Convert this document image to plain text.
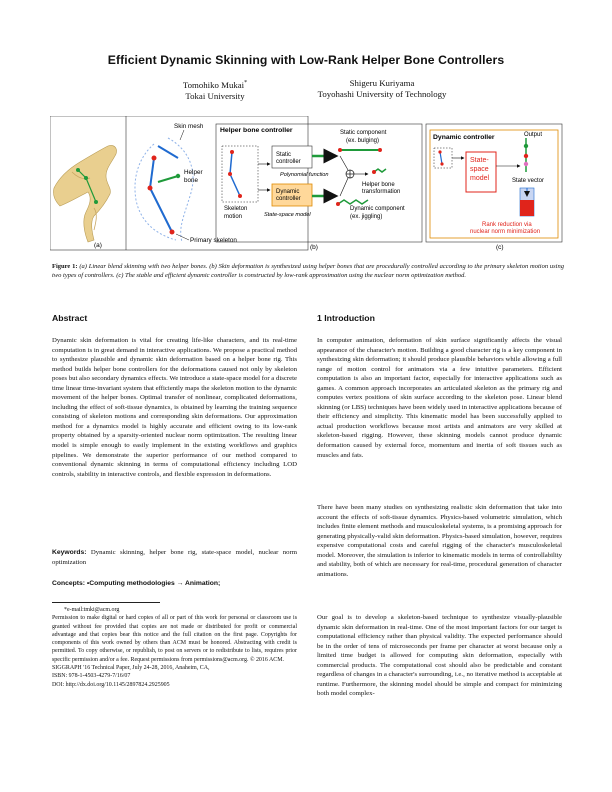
Efficient Dynamic Skinning with Low-Rank Helper Bone Controllers
Tomohiko Mukai*
Tokai University
Shigeru Kuriyama
Toyohashi University of Technology
(a)
Skin mesh
Helper bone
Primary skeleton
Helper bone controller
Skeleton motion
Static controller
Polynomial function
Dynamic controller
State-space model
Static component
(ex. bulging)
Helper bone transformation
Dynamic component
(ex. jiggling)
(b)
Dynamic controller	Output
State-space model	State vector
Rank reduction via nuclear norm minimization
(c)
Figure 1: (a) Linear blend skinning with two helper bones. (b) Skin deformation is synthesized using helper bones that are procedurally controlled according to the primary skeleton motion using two types of controllers. (c) The stable and efficient dynamic controller is constructed by low-rank approximation using the nuclear norm optimization method.
Abstract
Dynamic skin deformation is vital for creating life-like characters, and its real-time computation is in great demand in interactive applications. We propose a practical method to synthesize plausible and dynamic skin deformation based on a helper bone rig. This method builds helper bone controllers for the deformations caused not only by skeleton poses but also secondary dynamics effects. We introduce a state-space model for a discrete time linear time-invariant system that efficiently maps the skeleton motion to the dynamic movement of the helper bones. Optimal transfer of nonlinear, complicated deformations, including the effect of soft-tissue dynamics, is obtained by learning the training sequence consisting of skeleton motions and corresponding skin deformations. Our approximation method for a dynamics model is highly accurate and efficient owing to its low-rank property obtained by a sparsity-oriented nuclear norm optimization. The resulting linear model is simple enough to easily implement in the existing workflows and graphics pipelines. We demonstrate the superior performance of our method compared to conventional dynamic skinning in terms of computational efficiency including LOD controls, stability in interactive controls, and flexible expression in deformations.
Keywords: Dynamic skinning, helper bone rig, state-space model, nuclear norm optimization
Concepts: •Computing methodologies → Animation;
*e-mail:tmki@acm.org
Permission to make digital or hard copies of all or part of this work for personal or classroom use is granted without fee provided that copies are not made or distributed for profit or commercial advantage and that copies bear this notice and the full citation on the first page. Copyrights for components of this work owned by others than ACM must be honored. Abstracting with credit is permitted. To copy otherwise, or republish, to post on servers or to redistribute to lists, requires prior specific permission and/or a fee. Request permissions from permissions@acm.org. © 2016 ACM.
SIGGRAPH '16 Technical Paper, July 24-28, 2016, Anaheim, CA,
ISBN: 978-1-4503-4279-7/16/07
DOI: http://dx.doi.org/10.1145/2897824.2925905
1 Introduction
In computer animation, deformation of skin surface significantly affects the visual appearance of the character's motion. Building a good character rig is a key component in synthesizing skin deformation; it should produce plausible behaviors while allowing a full range of motion control for animators via a few intuitive parameters. Efficient computation is also an important factor, especially for interactive applications such as games. A common approach incorporates an articulated skeleton as the primary rig and computes vertex positions of skin surface according to the skeleton pose. Linear blend skinning (or LBS) techniques have been widely used in interactive applications because of their efficiency and simplicity. This kinematic model has been successfully applied to actual production workflows because most artists and animators are very skilled at skeleton-based rigging. However, these skinning models cannot produce dynamic deformation caused by external force, momentum and inertia of soft tissues such as muscles and fats.
There have been many studies on synthesizing realistic skin deformation that take into account the effects of soft-tissue dynamics. Physics-based volumetric simulation, which includes finite element methods and musculoskeletal systems, is a promising approach for generating physically-valid skin deformation. Physics-based simulation, however, requires expensive computational costs and careful rigging of the character's musculoskeletal model. Moreover, the simulation is inferior to kinematic models in terms of controllability and stability, both of which are necessary for real-time, procedural generation of character animations.
Our goal is to develop a skeleton-based technique to synthesize visually-plausible dynamic skin deformation in real-time. One of the most important factors for our target is computational efficiency rather than physical validity. The expected performance should be in the order of tens of microseconds per frame per character at worst because only a limited time budget is allowed for computing skin deformation, especially with commercial products. The computational cost should also be predictable and constant regardless of changes in a character's surrounding, i.e., no iterative method is acceptable at runtime. Furthermore, the skinning model should be simple and compact for minimizing both model complex-
